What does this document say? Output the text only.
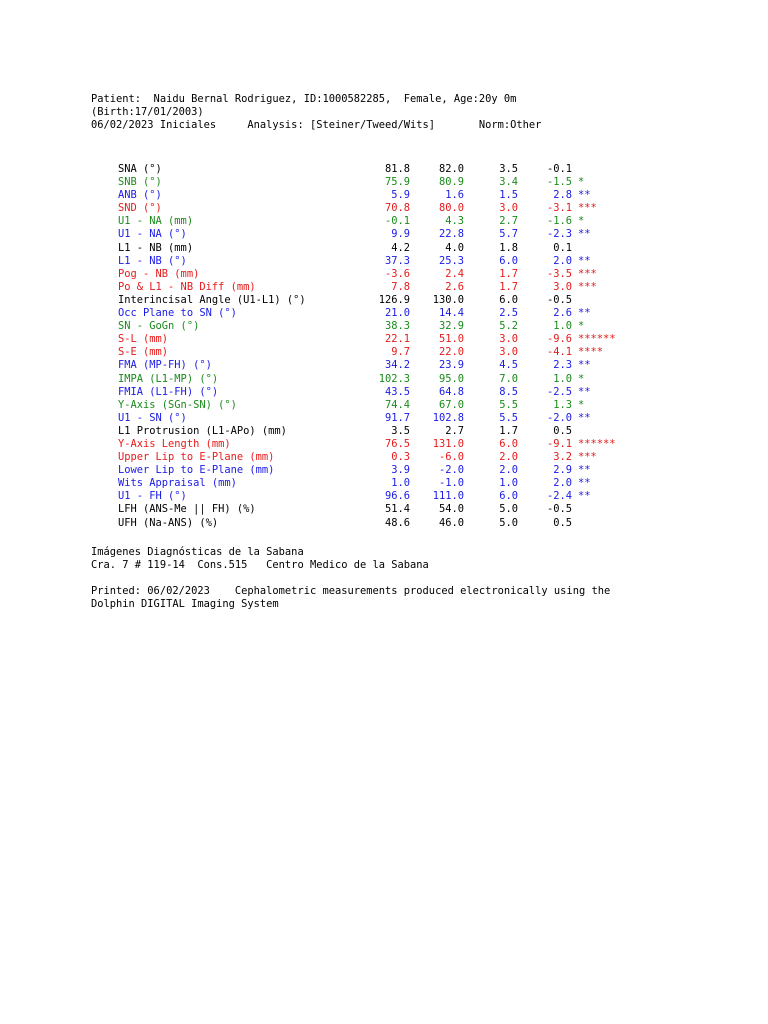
Patient:  Naidu Bernal Rodriguez, ID:1000582285,  Female, Age:20y 0m
(Birth:17/01/2003)
06/02/2023 Iniciales     Analysis: [Steiner/Tweed/Wits]       Norm:Other
SNA (°)	81.8	82.0	3.5	-0.1
SNB (°)	75.9	80.9	3.4	-1.5 *
ANB (°)	5.9	1.6	1.5	2.8 **
SND (°)	70.8	80.0	3.0	-3.1 ***
U1 - NA (mm)	-0.1	4.3	2.7	-1.6 *
U1 - NA (°)	9.9	22.8	5.7	-2.3 **
L1 - NB (mm)	4.2	4.0	1.8	0.1
L1 - NB (°)	37.3	25.3	6.0	2.0 **
Pog - NB (mm)	-3.6	2.4	1.7	-3.5 ***
Po & L1 - NB Diff (mm)	7.8	2.6	1.7	3.0 ***
Interincisal Angle (U1-L1) (°)	126.9	130.0	6.0	-0.5
Occ Plane to SN (°)	21.0	14.4	2.5	2.6 **
SN - GoGn (°)	38.3	32.9	5.2	1.0 *
S-L (mm)	22.1	51.0	3.0	-9.6 ******
S-E (mm)	9.7	22.0	3.0	-4.1 ****
FMA (MP-FH) (°)	34.2	23.9	4.5	2.3 **
IMPA (L1-MP) (°)	102.3	95.0	7.0	1.0 *
FMIA (L1-FH) (°)	43.5	64.8	8.5	-2.5 **
Y-Axis (SGn-SN) (°)	74.4	67.0	5.5	1.3 *
U1 - SN (°)	91.7	102.8	5.5	-2.0 **
L1 Protrusion (L1-APo) (mm)	3.5	2.7	1.7	0.5
Y-Axis Length (mm)	76.5	131.0	6.0	-9.1 ******
Upper Lip to E-Plane (mm)	0.3	-6.0	2.0	3.2 ***
Lower Lip to E-Plane (mm)	3.9	-2.0	2.0	2.9 **
Wits Appraisal (mm)	1.0	-1.0	1.0	2.0 **
U1 - FH (°)	96.6	111.0	6.0	-2.4 **
LFH (ANS-Me || FH) (%)	51.4	54.0	5.0	-0.5
UFH (Na-ANS) (%)	48.6	46.0	5.0	0.5
Imágenes Diagnósticas de la Sabana
Cra. 7 # 119-14  Cons.515   Centro Medico de la Sabana
Printed: 06/02/2023    Cephalometric measurements produced electronically using the
Dolphin DIGITAL Imaging System
